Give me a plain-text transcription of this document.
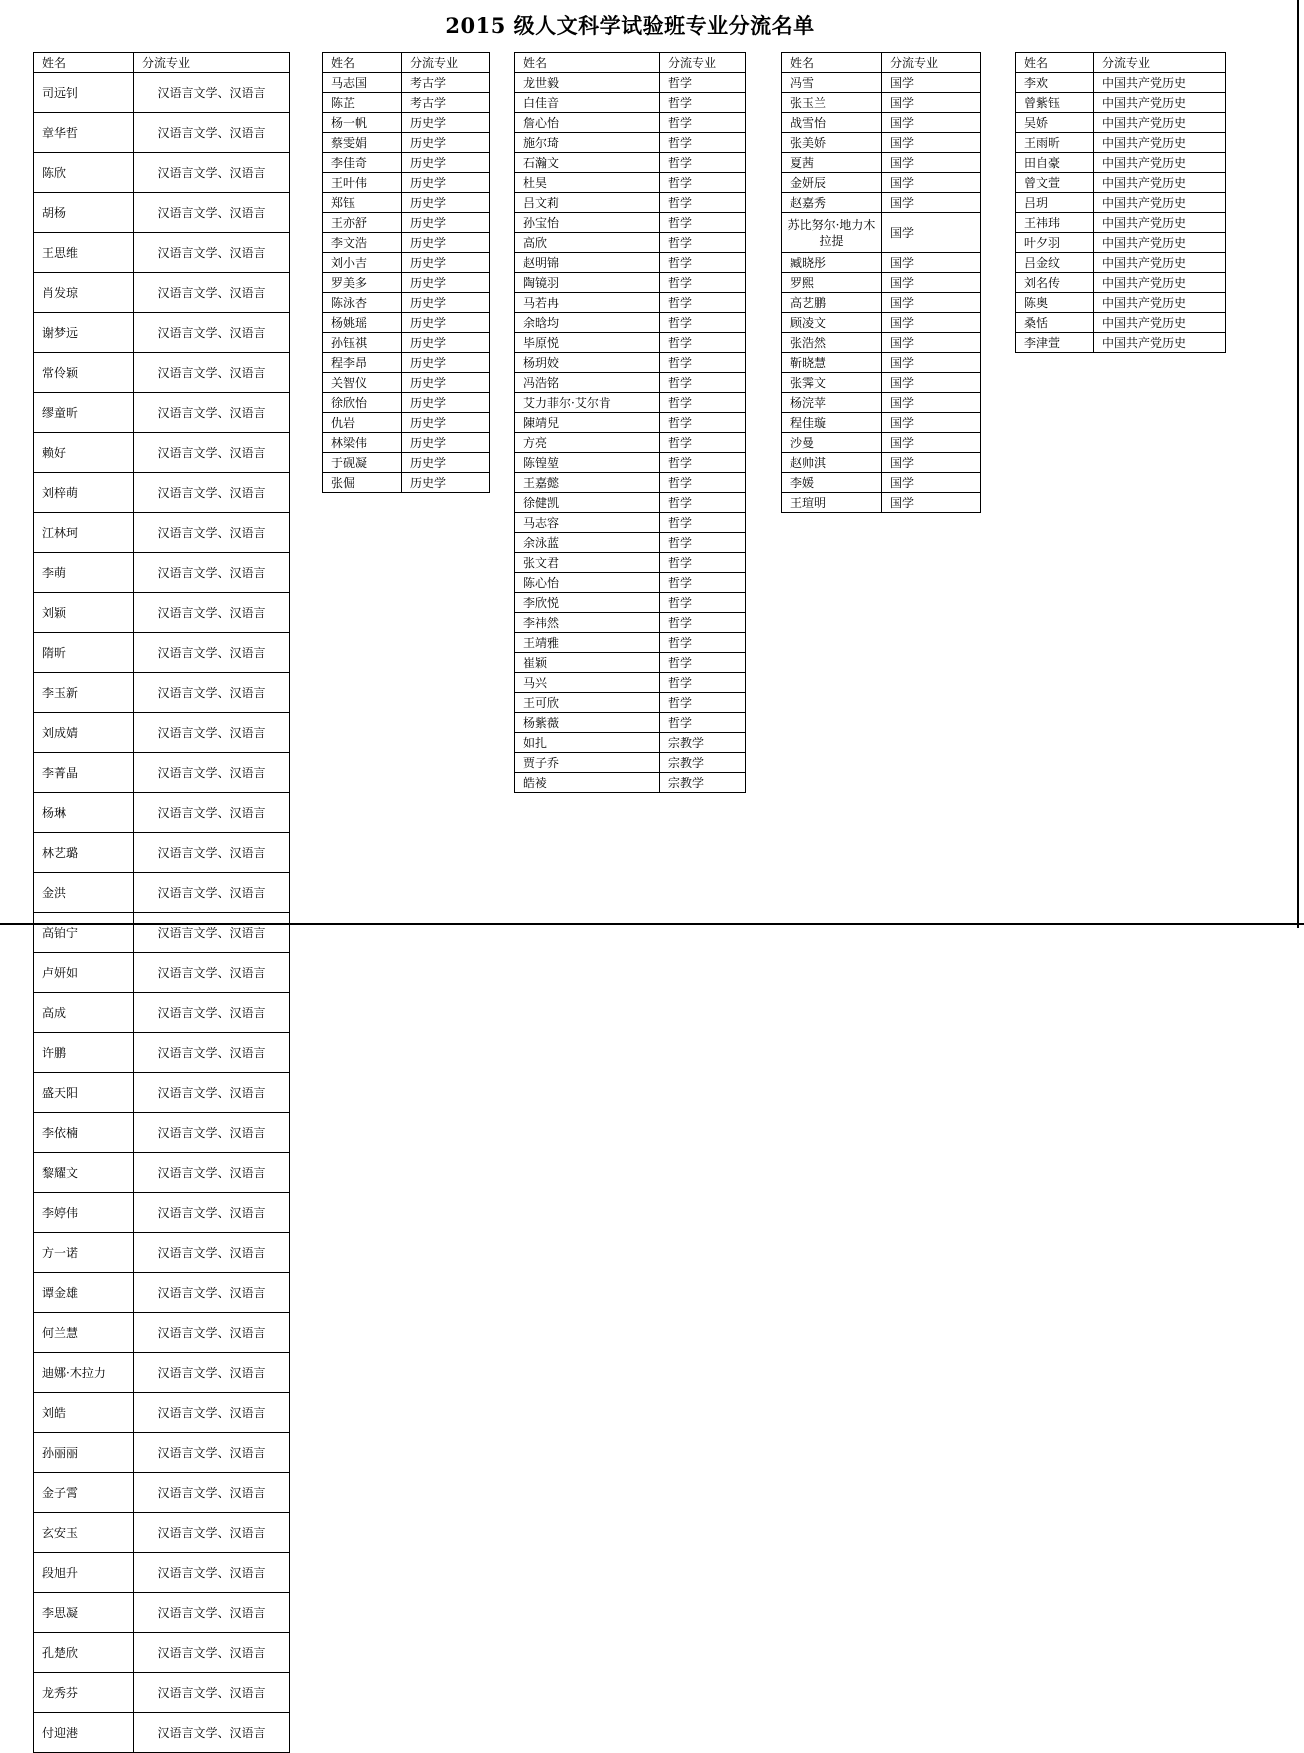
2015 级人文科学试验班专业分流名单
姓名	分流专业
司远钊	汉语言文学、汉语言
章华哲	汉语言文学、汉语言
陈欣	汉语言文学、汉语言
胡杨	汉语言文学、汉语言
王思维	汉语言文学、汉语言
肖发琼	汉语言文学、汉语言
谢梦远	汉语言文学、汉语言
常伶颖	汉语言文学、汉语言
缪童昕	汉语言文学、汉语言
赖好	汉语言文学、汉语言
刘梓萌	汉语言文学、汉语言
江林珂	汉语言文学、汉语言
李萌	汉语言文学、汉语言
刘颖	汉语言文学、汉语言
隋昕	汉语言文学、汉语言
李玉新	汉语言文学、汉语言
刘成婧	汉语言文学、汉语言
李菁晶	汉语言文学、汉语言
杨琳	汉语言文学、汉语言
林艺璐	汉语言文学、汉语言
金洪	汉语言文学、汉语言
高铂宁	汉语言文学、汉语言
卢妍如	汉语言文学、汉语言
高成	汉语言文学、汉语言
许鹏	汉语言文学、汉语言
盛天阳	汉语言文学、汉语言
李依楠	汉语言文学、汉语言
黎耀文	汉语言文学、汉语言
李婷伟	汉语言文学、汉语言
方一诺	汉语言文学、汉语言
谭金雄	汉语言文学、汉语言
何兰慧	汉语言文学、汉语言
迪娜·木拉力	汉语言文学、汉语言
刘皓	汉语言文学、汉语言
孙丽丽	汉语言文学、汉语言
金子霄	汉语言文学、汉语言
玄安玉	汉语言文学、汉语言
段旭升	汉语言文学、汉语言
李思凝	汉语言文学、汉语言
孔楚欣	汉语言文学、汉语言
龙秀芬	汉语言文学、汉语言
付迎港	汉语言文学、汉语言
姓名	分流专业
马志国	考古学
陈芷	考古学
杨一帆	历史学
蔡雯娟	历史学
李佳奇	历史学
王叶伟	历史学
郑钰	历史学
王亦舒	历史学
李文浩	历史学
刘小吉	历史学
罗美多	历史学
陈泳杏	历史学
杨姚瑶	历史学
孙钰祺	历史学
程李昂	历史学
关智仪	历史学
徐欣怡	历史学
仇岩	历史学
林梁伟	历史学
于砚凝	历史学
张倔	历史学
姓名	分流专业
龙世毅	哲学
白佳音	哲学
詹心怡	哲学
施尔琦	哲学
石瀚文	哲学
杜昊	哲学
吕文莉	哲学
孙宝怡	哲学
高欣	哲学
赵明锦	哲学
陶镜羽	哲学
马若冉	哲学
余晗均	哲学
毕原悦	哲学
杨玥姣	哲学
冯浩铭	哲学
艾力菲尔·艾尔肯	哲学
陳靖兒	哲学
方亮	哲学
陈锽堃	哲学
王嘉懿	哲学
徐健凯	哲学
马志容	哲学
余泳蓝	哲学
张文君	哲学
陈心怡	哲学
李欣悦	哲学
李祎然	哲学
王靖雅	哲学
崔颖	哲学
马兴	哲学
王可欣	哲学
杨紫薇	哲学
如扎	宗教学
贾子乔	宗教学
皓裬	宗教学
姓名	分流专业
冯雪	国学
张玉兰	国学
战雪怡	国学
张美娇	国学
夏茜	国学
金妍辰	国学
赵嘉秀	国学
苏比努尔·地力木拉提	国学
臧晓彤	国学
罗熙	国学
高艺鹏	国学
顾凌文	国学
张浩然	国学
靳晓慧	国学
张霁文	国学
杨浣苹	国学
程佳璇	国学
沙曼	国学
赵帅淇	国学
李媛	国学
王瑄明	国学
姓名	分流专业
李欢	中国共产党历史
曾紫钰	中国共产党历史
吴娇	中国共产党历史
王雨昕	中国共产党历史
田自豪	中国共产党历史
曾文萱	中国共产党历史
吕玥	中国共产党历史
王祎玮	中国共产党历史
叶夕羽	中国共产党历史
吕金纹	中国共产党历史
刘名传	中国共产党历史
陈奥	中国共产党历史
桑恬	中国共产党历史
李津萱	中国共产党历史
